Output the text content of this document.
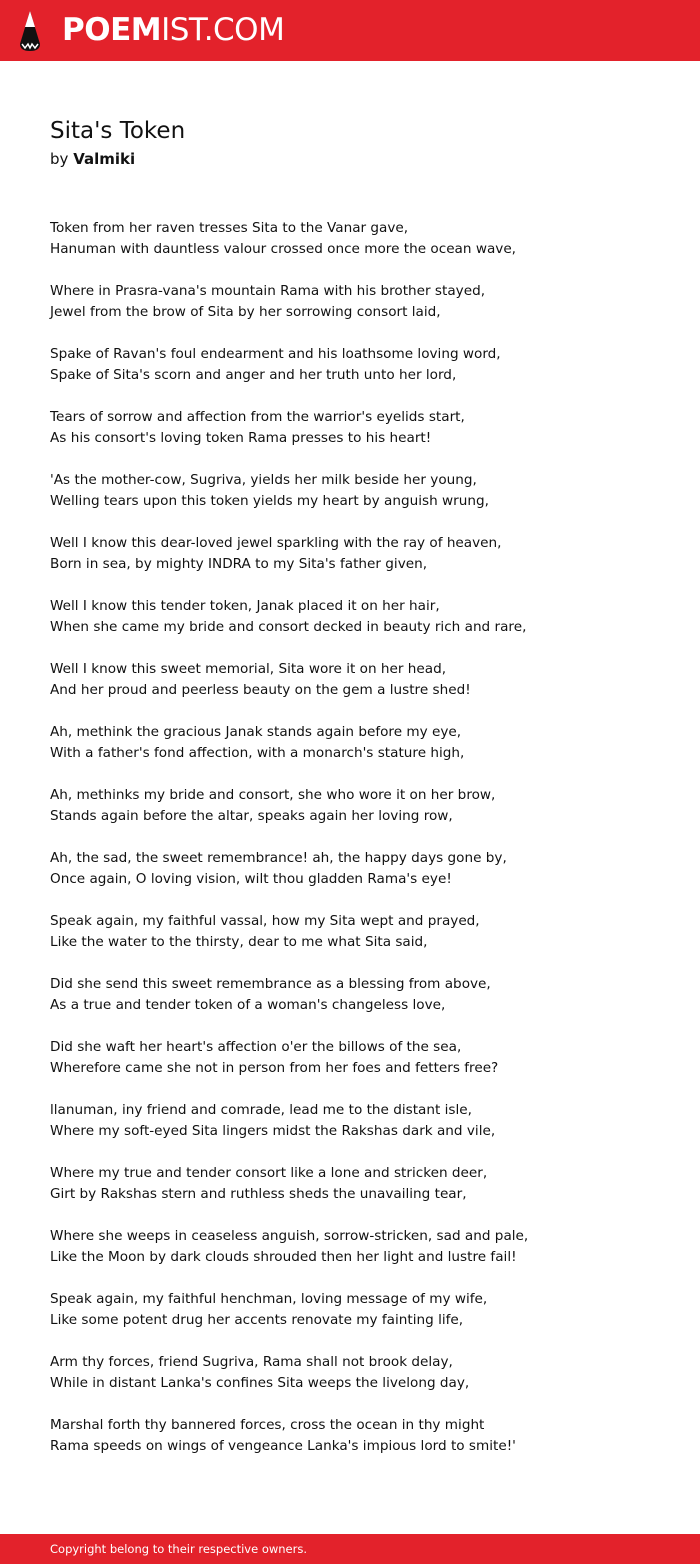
POEMIST.COM
Sita's Token
by Valmiki
Token from her raven tresses Sita to the Vanar gave,
Hanuman with dauntless valour crossed once more the ocean wave,
Where in Prasra-vana's mountain Rama with his brother stayed,
Jewel from the brow of Sita by her sorrowing consort laid,
Spake of Ravan's foul endearment and his loathsome loving word,
Spake of Sita's scorn and anger and her truth unto her lord,
Tears of sorrow and affection from the warrior's eyelids start,
As his consort's loving token Rama presses to his heart!
'As the mother-cow, Sugriva, yields her milk beside her young,
Welling tears upon this token yields my heart by anguish wrung,
Well I know this dear-loved jewel sparkling with the ray of heaven,
Born in sea, by mighty INDRA to my Sita's father given,
Well I know this tender token, Janak placed it on her hair,
When she came my bride and consort decked in beauty rich and rare,
Well I know this sweet memorial, Sita wore it on her head,
And her proud and peerless beauty on the gem a lustre shed!
Ah, methink the gracious Janak stands again before my eye,
With a father's fond affection, with a monarch's stature high,
Ah, methinks my bride and consort, she who wore it on her brow,
Stands again before the altar, speaks again her loving row,
Ah, the sad, the sweet remembrance! ah, the happy days gone by,
Once again, O loving vision, wilt thou gladden Rama's eye!
Speak again, my faithful vassal, how my Sita wept and prayed,
Like the water to the thirsty, dear to me what Sita said,
Did she send this sweet remembrance as a blessing from above,
As a true and tender token of a woman's changeless love,
Did she waft her heart's affection o'er the billows of the sea,
Wherefore came she not in person from her foes and fetters free?
llanuman, iny friend and comrade, lead me to the distant isle,
Where my soft-eyed Sita lingers midst the Rakshas dark and vile,
Where my true and tender consort like a lone and stricken deer,
Girt by Rakshas stern and ruthless sheds the unavailing tear,
Where she weeps in ceaseless anguish, sorrow-stricken, sad and pale,
Like the Moon by dark clouds shrouded then her light and lustre fail!
Speak again, my faithful henchman, loving message of my wife,
Like some potent drug her accents renovate my fainting life,
Arm thy forces, friend Sugriva, Rama shall not brook delay,
While in distant Lanka's confines Sita weeps the livelong day,
Marshal forth thy bannered forces, cross the ocean in thy might
Rama speeds on wings of vengeance Lanka's impious lord to smite!'
Copyright belong to their respective owners.
